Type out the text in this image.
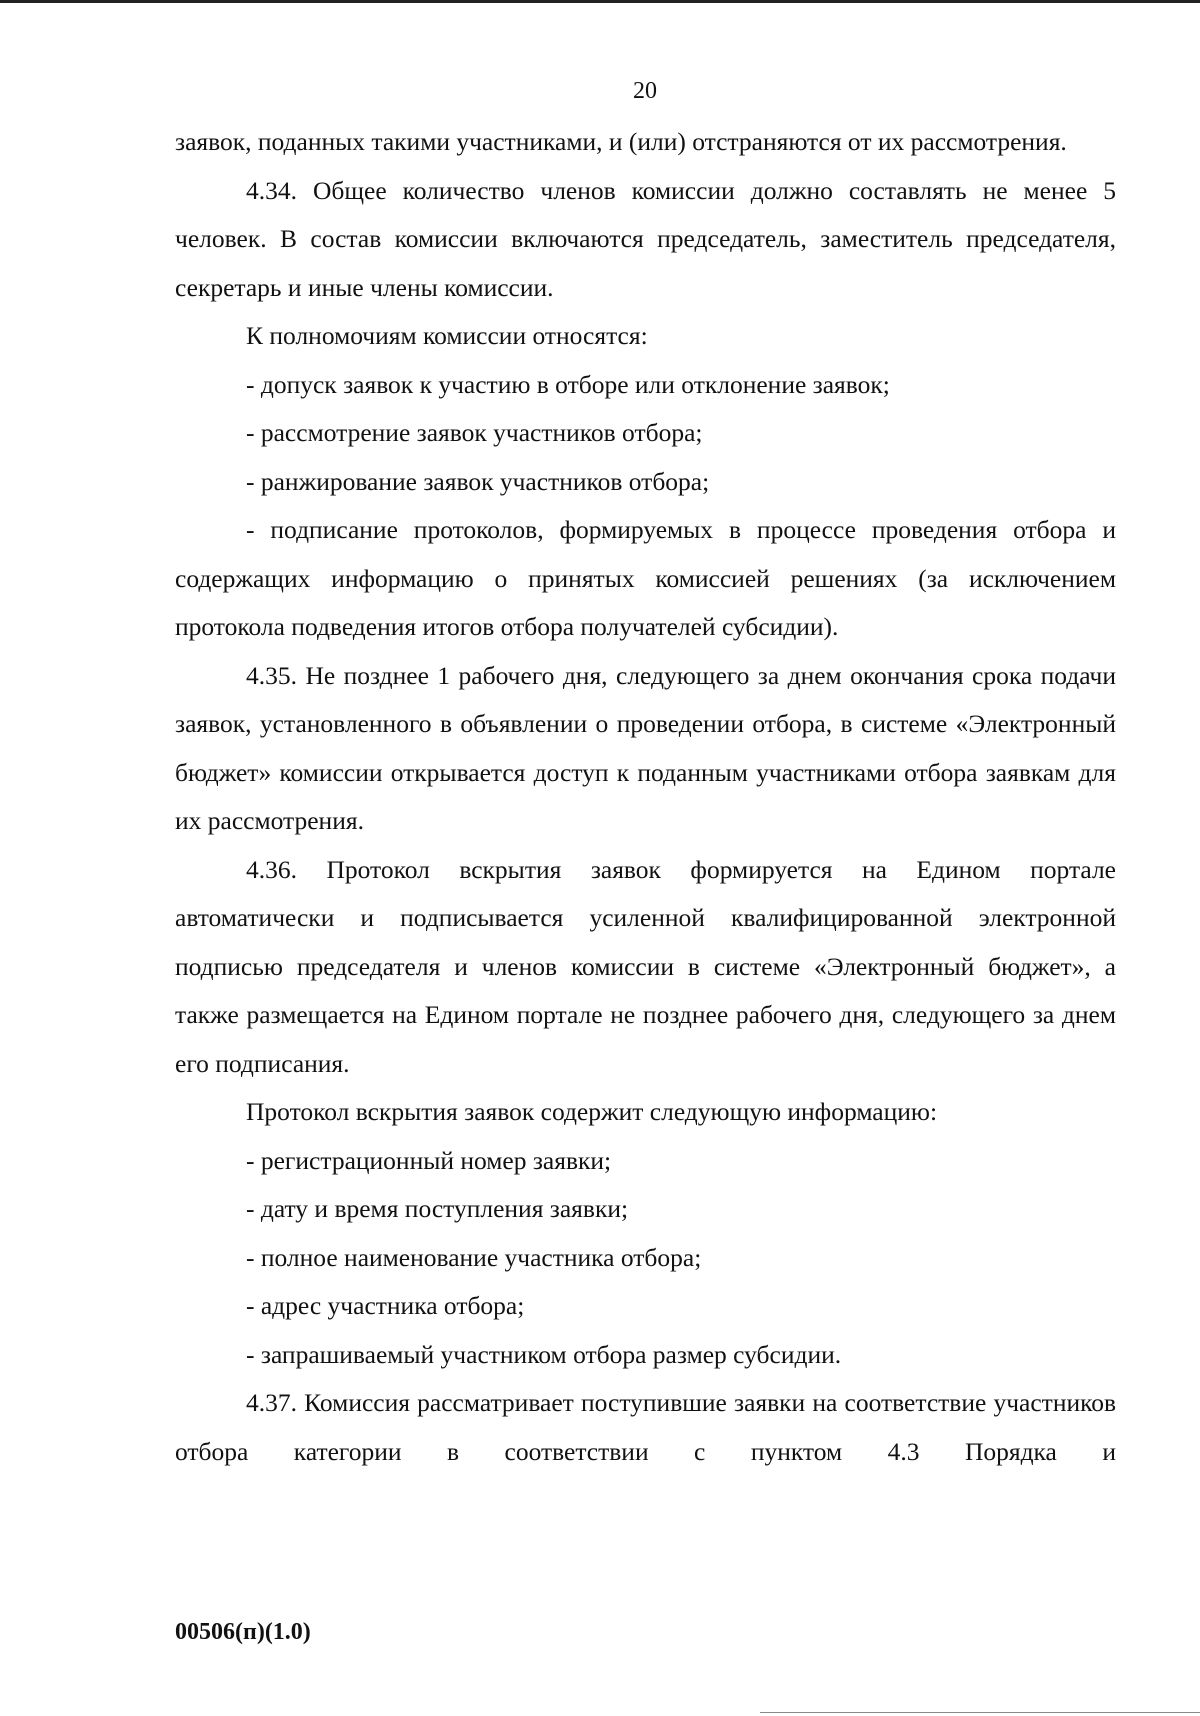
20

заявок, поданных такими участниками, и (или) отстраняются от их рассмотрения.

4.34. Общее количество членов комиссии должно составлять не менее 5 человек. В состав комиссии включаются председатель, заместитель председателя, секретарь и иные члены комиссии.

К полномочиям комиссии относятся:

- допуск заявок к участию в отборе или отклонение заявок;

- рассмотрение заявок участников отбора;

- ранжирование заявок участников отбора;

- подписание протоколов, формируемых в процессе проведения отбора и содержащих информацию о принятых комиссией решениях (за исключением протокола подведения итогов отбора получателей субсидии).

4.35. Не позднее 1 рабочего дня, следующего за днем окончания срока подачи заявок, установленного в объявлении о проведении отбора, в системе «Электронный бюджет» комиссии открывается доступ к поданным участниками отбора заявкам для их рассмотрения.

4.36. Протокол вскрытия заявок формируется на Едином портале автоматически и подписывается усиленной квалифицированной электронной подписью председателя и членов комиссии в системе «Электронный бюджет», а также размещается на Едином портале не позднее рабочего дня, следующего за днем его подписания.

Протокол вскрытия заявок содержит следующую информацию:

- регистрационный номер заявки;

- дату и время поступления заявки;

- полное наименование участника отбора;

- адрес участника отбора;

- запрашиваемый участником отбора размер субсидии.

4.37. Комиссия рассматривает поступившие заявки на соответствие участников отбора категории в соответствии с пунктом 4.3 Порядка и

00506(п)(1.0)
